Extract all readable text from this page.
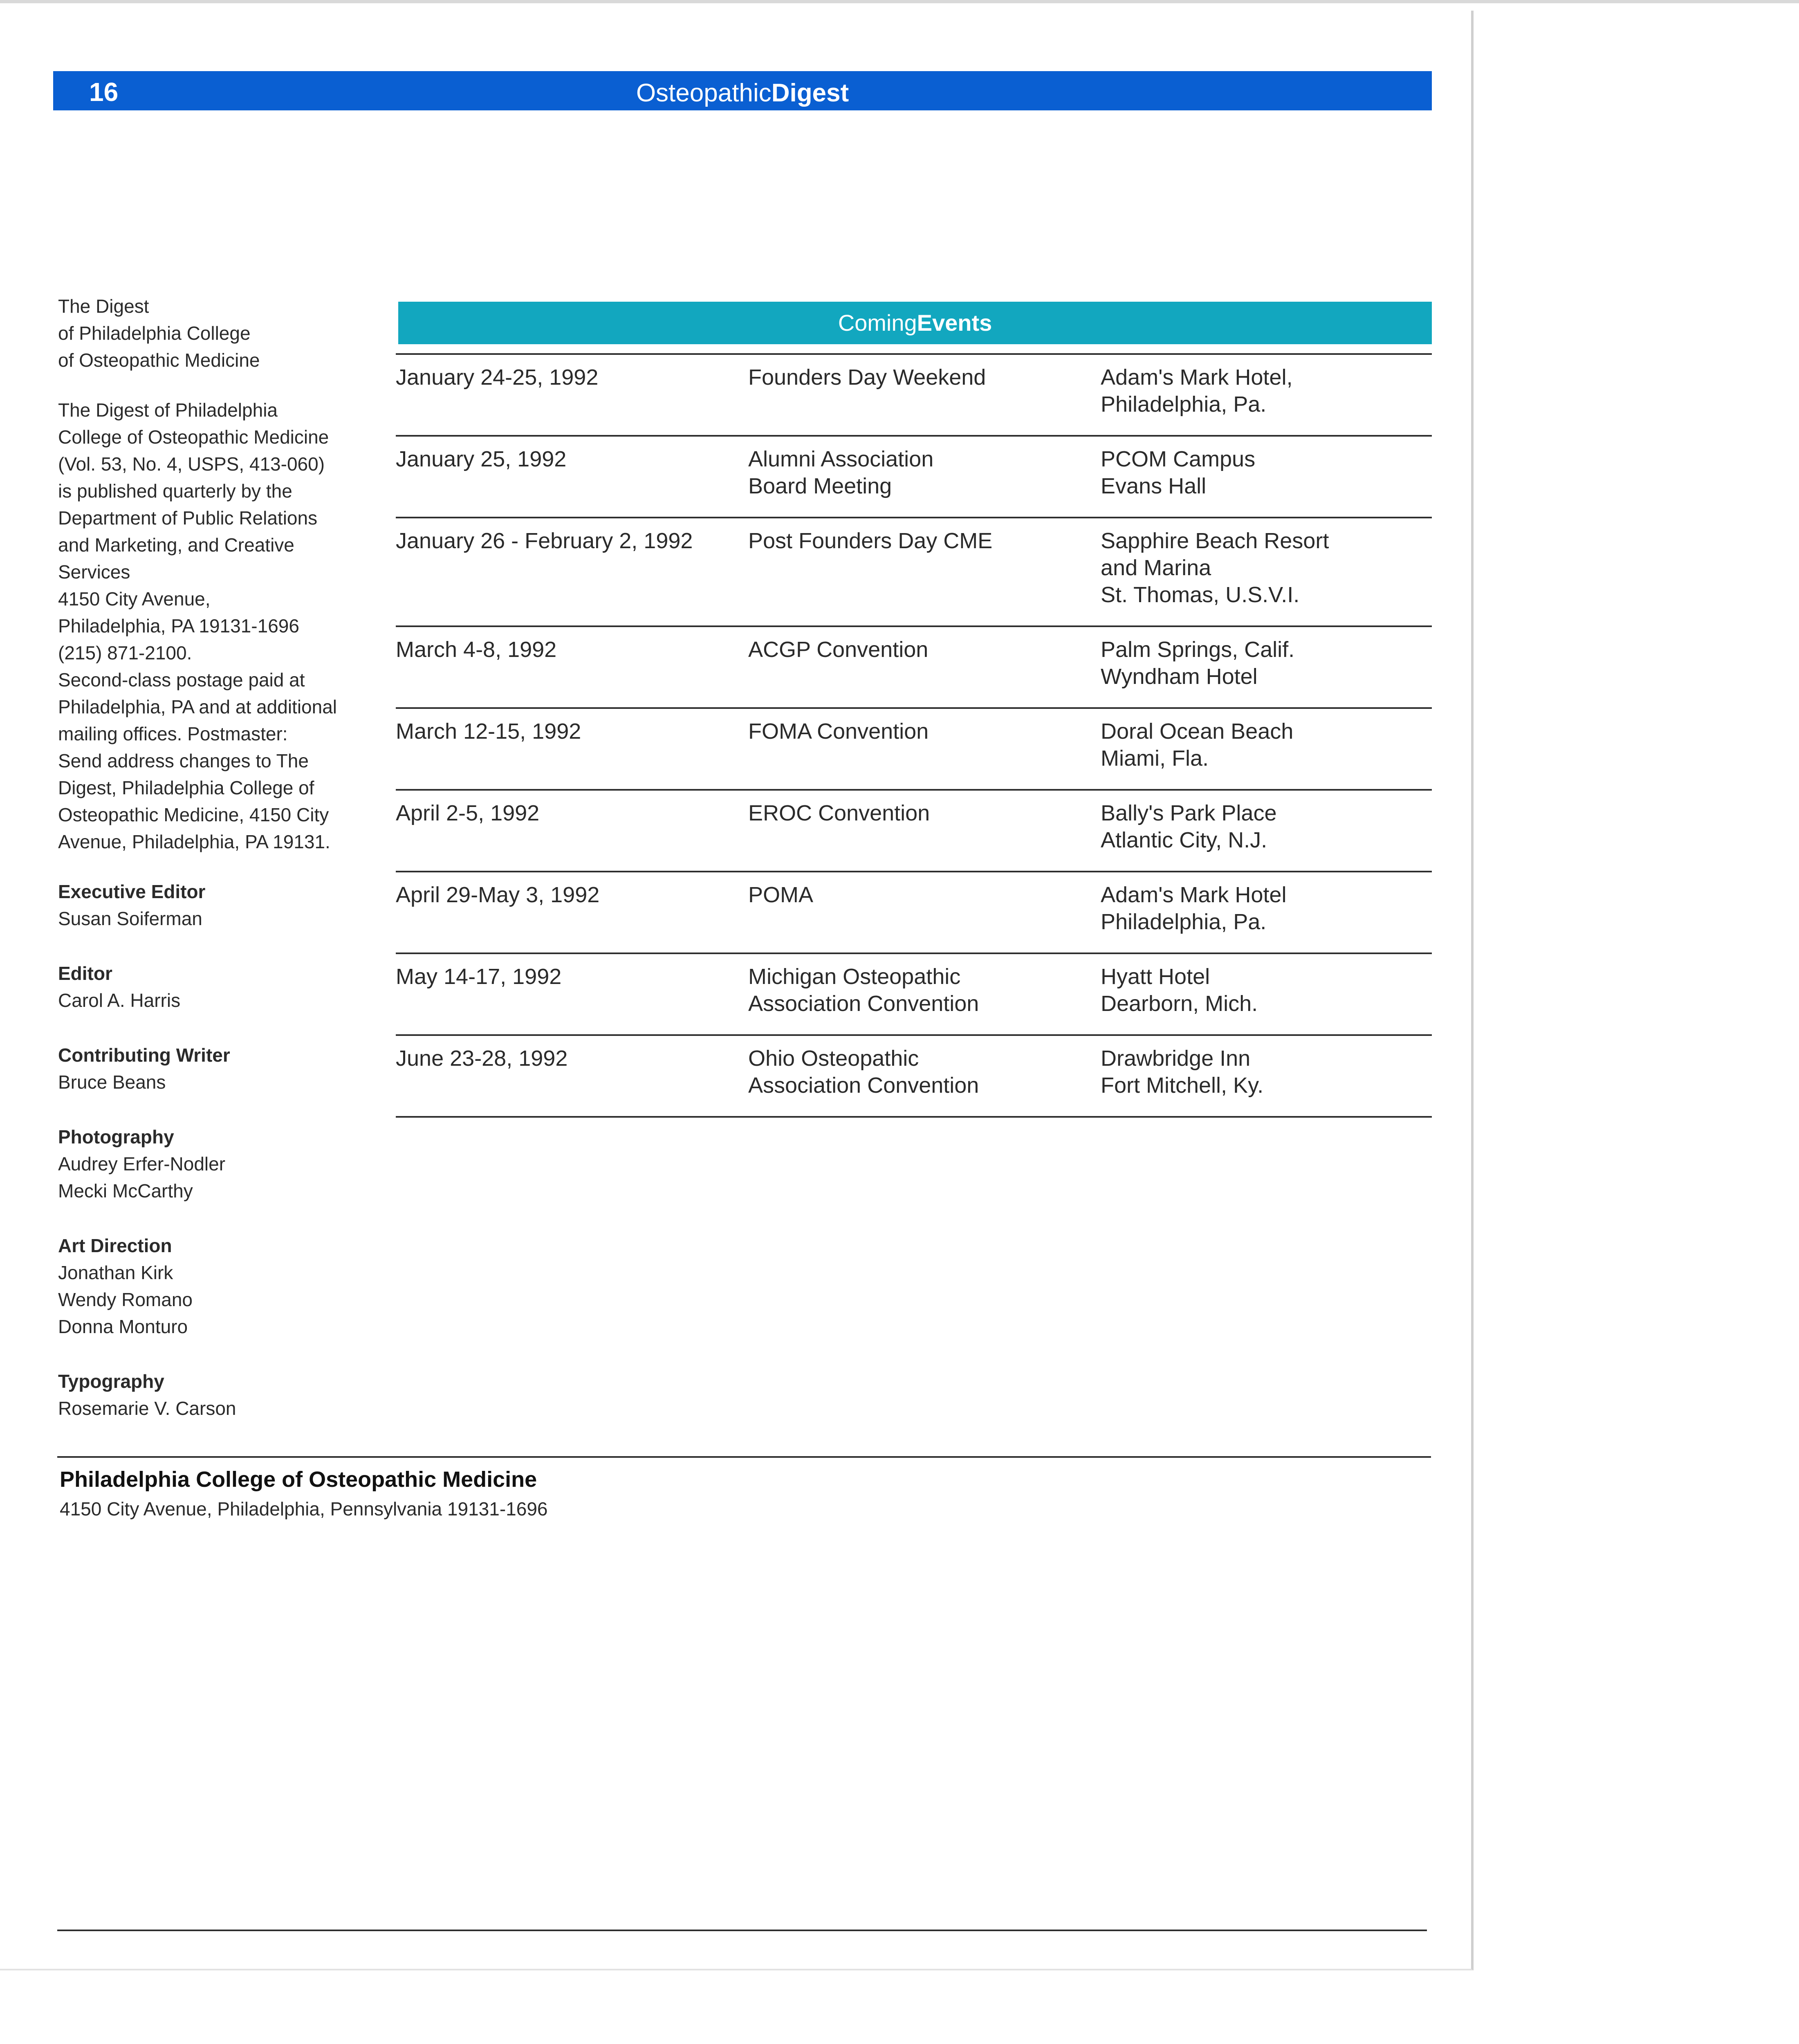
16	OsteopathicDigest

The Digest
of Philadelphia College
of Osteopathic Medicine

The Digest of Philadelphia
College of Osteopathic Medicine
(Vol. 53, No. 4, USPS, 413-060)
is published quarterly by the
Department of Public Relations
and Marketing, and Creative
Services
4150 City Avenue,
Philadelphia, PA 19131-1696
(215) 871-2100.
Second-class postage paid at
Philadelphia, PA and at additional
mailing offices. Postmaster:
Send address changes to The
Digest, Philadelphia College of
Osteopathic Medicine, 4150 City
Avenue, Philadelphia, PA 19131.

Executive Editor
Susan Soiferman
Editor
Carol A. Harris
Contributing Writer
Bruce Beans
Photography
Audrey Erfer-Nodler
Mecki McCarthy
Art Direction
Jonathan Kirk
Wendy Romano
Donna Monturo
Typography
Rosemarie V. Carson
ComingEvents
January 24-25, 1992	Founders Day Weekend	Adam's Mark Hotel,
Philadelphia, Pa.
January 25, 1992	Alumni Association
Board Meeting	PCOM Campus
Evans Hall
January 26 - February 2, 1992	Post Founders Day CME	Sapphire Beach Resort
and Marina
St. Thomas, U.S.V.I.
March 4-8, 1992	ACGP Convention	Palm Springs, Calif.
Wyndham Hotel
March 12-15, 1992	FOMA Convention	Doral Ocean Beach
Miami, Fla.
April 2-5, 1992	EROC Convention	Bally's Park Place
Atlantic City, N.J.
April 29-May 3, 1992	POMA	Adam's Mark Hotel
Philadelphia, Pa.
May 14-17, 1992	Michigan Osteopathic
Association Convention	Hyatt Hotel
Dearborn, Mich.
June 23-28, 1992	Ohio Osteopathic
Association Convention	Drawbridge Inn
Fort Mitchell, Ky.
Philadelphia College of Osteopathic Medicine
4150 City Avenue, Philadelphia, Pennsylvania 19131-1696
